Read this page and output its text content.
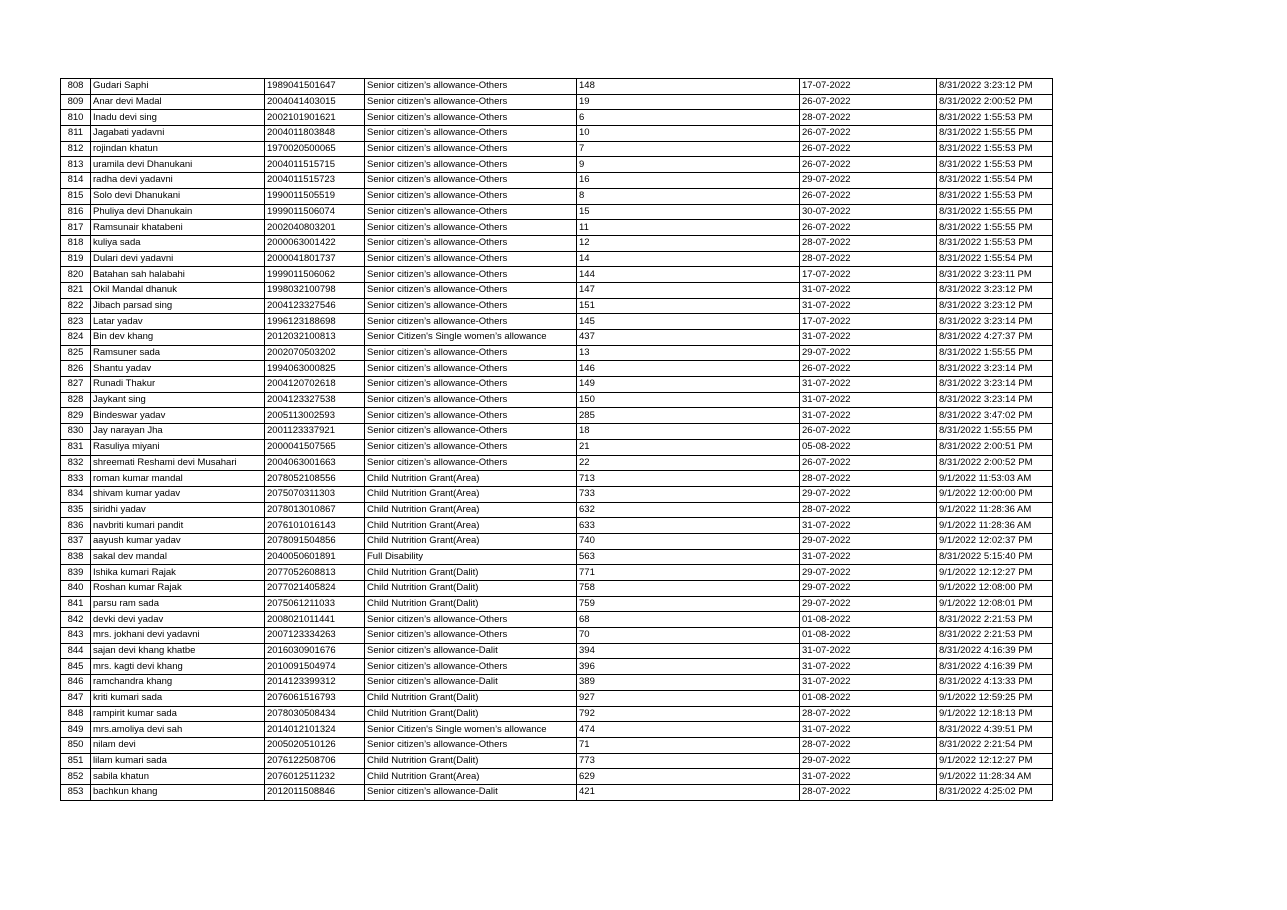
808	Gudari Saphi	1989041501647	Senior citizen’s allowance-Others	148	17-07-2022	8/31/2022 3:23:12 PM
809	Anar devi Madal	2004041403015	Senior citizen’s allowance-Others	19	26-07-2022	8/31/2022 2:00:52 PM
810	Inadu devi sing	2002101901621	Senior citizen’s allowance-Others	6	28-07-2022	8/31/2022 1:55:53 PM
811	Jagabati yadavni	2004011803848	Senior citizen’s allowance-Others	10	26-07-2022	8/31/2022 1:55:55 PM
812	rojindan khatun	1970020500065	Senior citizen’s allowance-Others	7	26-07-2022	8/31/2022 1:55:53 PM
813	uramila devi Dhanukani	2004011515715	Senior citizen’s allowance-Others	9	26-07-2022	8/31/2022 1:55:53 PM
814	radha devi yadavni	2004011515723	Senior citizen’s allowance-Others	16	29-07-2022	8/31/2022 1:55:54 PM
815	Solo devi Dhanukani	1990011505519	Senior citizen’s allowance-Others	8	26-07-2022	8/31/2022 1:55:53 PM
816	Phuliya devi Dhanukain	1999011506074	Senior citizen’s allowance-Others	15	30-07-2022	8/31/2022 1:55:55 PM
817	Ramsunair khatabeni	2002040803201	Senior citizen’s allowance-Others	11	26-07-2022	8/31/2022 1:55:55 PM
818	kuliya sada	2000063001422	Senior citizen’s allowance-Others	12	28-07-2022	8/31/2022 1:55:53 PM
819	Dulari devi yadavni	2000041801737	Senior citizen’s allowance-Others	14	28-07-2022	8/31/2022 1:55:54 PM
820	Batahan sah halabahi	1999011506062	Senior citizen’s allowance-Others	144	17-07-2022	8/31/2022 3:23:11 PM
821	Okil Mandal dhanuk	1998032100798	Senior citizen’s allowance-Others	147	31-07-2022	8/31/2022 3:23:12 PM
822	Jibach parsad sing	2004123327546	Senior citizen’s allowance-Others	151	31-07-2022	8/31/2022 3:23:12 PM
823	Latar yadav	1996123188698	Senior citizen’s allowance-Others	145	17-07-2022	8/31/2022 3:23:14 PM
824	Bin dev khang	2012032100813	Senior Citizen's Single women’s allowance	437	31-07-2022	8/31/2022 4:27:37 PM
825	Ramsuner sada	2002070503202	Senior citizen’s allowance-Others	13	29-07-2022	8/31/2022 1:55:55 PM
826	Shantu yadav	1994063000825	Senior citizen’s allowance-Others	146	26-07-2022	8/31/2022 3:23:14 PM
827	Runadi Thakur	2004120702618	Senior citizen’s allowance-Others	149	31-07-2022	8/31/2022 3:23:14 PM
828	Jaykant sing	2004123327538	Senior citizen’s allowance-Others	150	31-07-2022	8/31/2022 3:23:14 PM
829	Bindeswar yadav	2005113002593	Senior citizen’s allowance-Others	285	31-07-2022	8/31/2022 3:47:02 PM
830	Jay narayan Jha	2001123337921	Senior citizen’s allowance-Others	18	26-07-2022	8/31/2022 1:55:55 PM
831	Rasuliya miyani	2000041507565	Senior citizen’s allowance-Others	21	05-08-2022	8/31/2022 2:00:51 PM
832	shreemati Reshami devi Musahari	2004063001663	Senior citizen’s allowance-Others	22	26-07-2022	8/31/2022 2:00:52 PM
833	roman kumar mandal	2078052108556	Child Nutrition Grant(Area)	713	28-07-2022	9/1/2022 11:53:03 AM
834	shivam kumar yadav	2075070311303	Child Nutrition Grant(Area)	733	29-07-2022	9/1/2022 12:00:00 PM
835	siridhi yadav	2078013010867	Child Nutrition Grant(Area)	632	28-07-2022	9/1/2022 11:28:36 AM
836	navbriti kumari pandit	2076101016143	Child Nutrition Grant(Area)	633	31-07-2022	9/1/2022 11:28:36 AM
837	aayush kumar yadav	2078091504856	Child Nutrition Grant(Area)	740	29-07-2022	9/1/2022 12:02:37 PM
838	sakal dev mandal	2040050601891	Full Disability	563	31-07-2022	8/31/2022 5:15:40 PM
839	Ishika kumari Rajak	2077052608813	Child Nutrition Grant(Dalit)	771	29-07-2022	9/1/2022 12:12:27 PM
840	Roshan kumar Rajak	2077021405824	Child Nutrition Grant(Dalit)	758	29-07-2022	9/1/2022 12:08:00 PM
841	parsu ram sada	2075061211033	Child Nutrition Grant(Dalit)	759	29-07-2022	9/1/2022 12:08:01 PM
842	devki devi yadav	2008021011441	Senior citizen’s allowance-Others	68	01-08-2022	8/31/2022 2:21:53 PM
843	mrs. jokhani devi yadavni	2007123334263	Senior citizen’s allowance-Others	70	01-08-2022	8/31/2022 2:21:53 PM
844	sajan devi khang khatbe	2016030901676	Senior citizen’s allowance-Dalit	394	31-07-2022	8/31/2022 4:16:39 PM
845	mrs. kagti devi khang	2010091504974	Senior citizen’s allowance-Others	396	31-07-2022	8/31/2022 4:16:39 PM
846	ramchandra khang	2014123399312	Senior citizen’s allowance-Dalit	389	31-07-2022	8/31/2022 4:13:33 PM
847	kriti kumari sada	2076061516793	Child Nutrition Grant(Dalit)	927	01-08-2022	9/1/2022 12:59:25 PM
848	rampirit kumar sada	2078030508434	Child Nutrition Grant(Dalit)	792	28-07-2022	9/1/2022 12:18:13 PM
849	mrs.amoliya devi sah	2014012101324	Senior Citizen's Single women’s allowance	474	31-07-2022	8/31/2022 4:39:51 PM
850	nilam devi	2005020510126	Senior citizen’s allowance-Others	71	28-07-2022	8/31/2022 2:21:54 PM
851	lilam kumari sada	2076122508706	Child Nutrition Grant(Dalit)	773	29-07-2022	9/1/2022 12:12:27 PM
852	sabila khatun	2076012511232	Child Nutrition Grant(Area)	629	31-07-2022	9/1/2022 11:28:34 AM
853	bachkun khang	2012011508846	Senior citizen’s allowance-Dalit	421	28-07-2022	8/31/2022 4:25:02 PM
